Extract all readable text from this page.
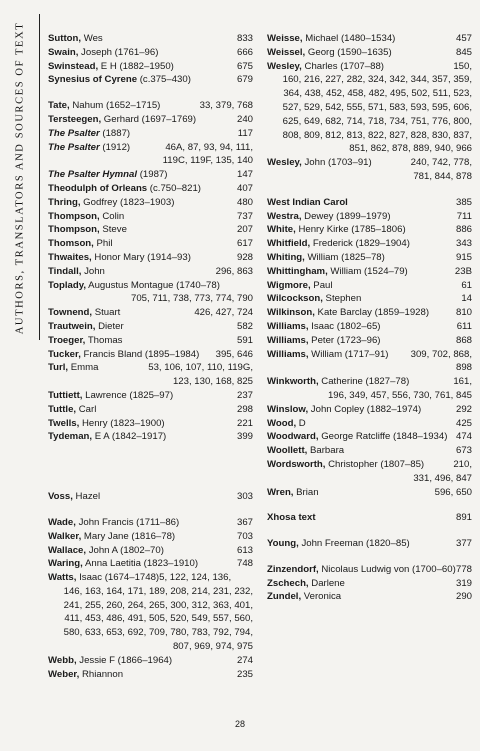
AUTHORS, TRANSLATORS AND SOURCES OF TEXT	833
Sutton, Wes
666
Swain, Joseph (1761–96)
675
Swinstead, E H (1882–1950)
679
Synesius of Cyrene (c.375–430)
33, 379, 768
Tate, Nahum (1652–1715)
240
Tersteegen, Gerhard (1697–1769)
117
The Psalter (1887)
46A, 87, 93, 94, 111,
The Psalter (1912)
119C, 119F, 135, 140
147
The Psalter Hymnal (1987)
407
Theodulph of Orleans (c.750–821)
480
Thring, Godfrey (1823–1903)
737
Thompson, Colin
207
Thompson, Steve
617
Thomson, Phil
928
Thwaites, Honor Mary (1914–93)
296, 863
Tindall, John
Toplady, Augustus Montague (1740–78)
705, 711, 738, 773, 774, 790
426, 427, 724
Townend, Stuart
582
Trautwein, Dieter
591
Troeger, Thomas
395, 646
Tucker, Francis Bland (1895–1984)
53, 106, 107, 110, 119G,
Turl, Emma
123, 130, 168, 825
237
Tuttiett, Lawrence (1825–97)
298
Tuttle, Carl
221
Twells, Henry (1823–1900)
399
Tydeman, E A (1842–1917)
303
Voss, Hazel
367
Wade, John Francis (1711–86)
703
Walker, Mary Jane (1816–78)
613
Wallace, John A (1802–70)
748
Waring, Anna Laetitia (1823–1910)
Watts, Isaac (1674–1748)5, 122, 124, 136,
146, 163, 164, 171, 189, 208, 214, 231, 232,
241, 255, 260, 264, 265, 300, 312, 363, 401,
411, 453, 486, 491, 505, 520, 549, 557, 560,
580, 633, 653, 692, 709, 780, 783, 792, 794,
807, 969, 974, 975
274
Webb, Jessie F (1866–1964)
235
Weber, Rhiannon
457
Weisse, Michael (1480–1534)
845
Weissel, Georg (1590–1635)
150,
Wesley, Charles (1707–88)
160, 216, 227, 282, 324, 342, 344, 357, 359,
364, 438, 452, 458, 482, 495, 502, 511, 523,
527, 529, 542, 555, 571, 583, 593, 595, 606,
625, 649, 682, 714, 718, 734, 751, 776, 800,
808, 809, 812, 813, 822, 827, 828, 830, 837,
851, 862, 878, 889, 940, 966
240, 742, 778,
Wesley, John (1703–91)
781, 844, 878
385
West Indian Carol
711
Westra, Dewey (1899–1979)
886
White, Henry Kirke (1785–1806)
343
Whitfield, Frederick (1829–1904)
915
Whiting, William (1825–78)
23B
Whittingham, William (1524–79)
61
Wigmore, Paul
14
Wilcockson, Stephen
810
Wilkinson, Kate Barclay (1859–1928)
611
Williams, Isaac (1802–65)
868
Williams, Peter (1723–96)
309, 702, 868,
Williams, William (1717–91)
898
161,
Winkworth, Catherine (1827–78)
196, 349, 457, 556, 730, 761, 845
292
Winslow, John Copley (1882–1974)
425
Wood, D
474
Woodward, George Ratcliffe (1848–1934)
673
Woollett, Barbara
210,
Wordsworth, Christopher (1807–85)
331, 496, 847
596, 650
Wren, Brian
891
Xhosa text
377
Young, John Freeman (1820–85)
778
Zinzendorf, Nicolaus Ludwig von (1700–60)
319
Zschech, Darlene
290
Zundel, Veronica
28
